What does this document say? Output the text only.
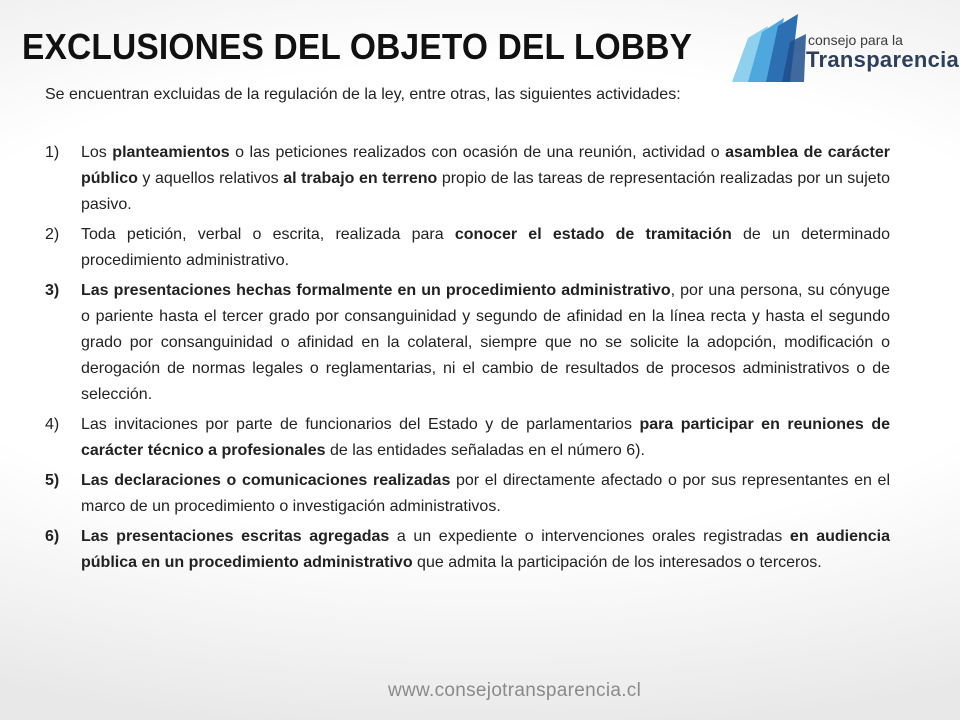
EXCLUSIONES DEL OBJETO DEL LOBBY	consejo para la
Transparencia

Se encuentran excluidas de la regulación de la ley, entre otras, las siguientes actividades:

1) Los planteamientos o las peticiones realizados con ocasión de una reunión, actividad o asamblea de carácter público y aquellos relativos al trabajo en terreno propio de las tareas de representación realizadas por un sujeto pasivo.
2) Toda petición, verbal o escrita, realizada para conocer el estado de tramitación de un determinado procedimiento administrativo.
3) Las presentaciones hechas formalmente en un procedimiento administrativo, por una persona, su cónyuge o pariente hasta el tercer grado por consanguinidad y segundo de afinidad en la línea recta y hasta el segundo grado por consanguinidad o afinidad en la colateral, siempre que no se solicite la adopción, modificación o derogación de normas legales o reglamentarias, ni el cambio de resultados de procesos administrativos o de selección.
4) Las invitaciones por parte de funcionarios del Estado y de parlamentarios para participar en reuniones de carácter técnico a profesionales de las entidades señaladas en el número 6).
5) Las declaraciones o comunicaciones realizadas por el directamente afectado o por sus representantes en el marco de un procedimiento o investigación administrativos.
6) Las presentaciones escritas agregadas a un expediente o intervenciones orales registradas en audiencia pública en un procedimiento administrativo que admita la participación de los interesados o terceros.
www.consejotransparencia.cl
